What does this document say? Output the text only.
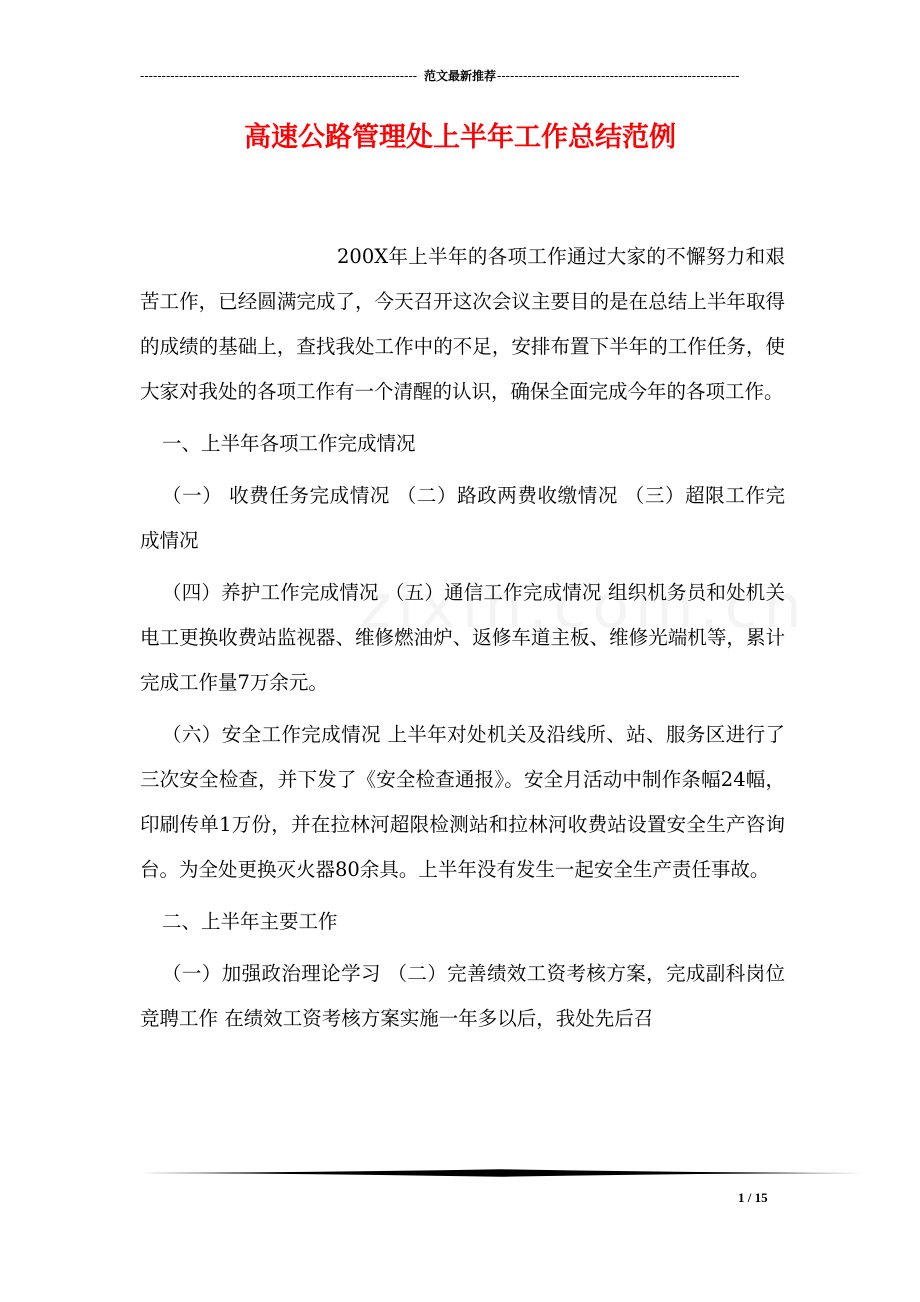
---------------------------------------------------------------- 范文最新推荐 --------------------------------------------------------
高速公路管理处上半年工作总结范例

200X年上半年的各项工作通过大家的不懈努力和艰苦工作，已经圆满完成了，今天召开这次会议主要目的是在总结上半年取得的成绩的基础上，查找我处工作中的不足，安排布置下半年的工作任务，使大家对我处的各项工作有一个清醒的认识，确保全面完成今年的各项工作。

一、上半年各项工作完成情况

（一） 收费任务完成情况 （二）路政两费收缴情况 （三）超限工作完成情况

（四）养护工作完成情况 （五）通信工作完成情况 组织机务员和处机关电工更换收费站监视器、维修燃油炉、返修车道主板、维修光端机等，累计完成工作量7万余元。

（六）安全工作完成情况 上半年对处机关及沿线所、站、服务区进行了三次安全检查，并下发了《安全检查通报》。安全月活动中制作条幅24幅，印刷传单1万份，并在拉林河超限检测站和拉林河收费站设置安全生产咨询台。为全处更换灭火器80余具。上半年没有发生一起安全生产责任事故。

二、上半年主要工作

（一）加强政治理论学习 （二）完善绩效工资考核方案，完成副科岗位竞聘工作 在绩效工资考核方案实施一年多以后，我处先后召

1 / 15
